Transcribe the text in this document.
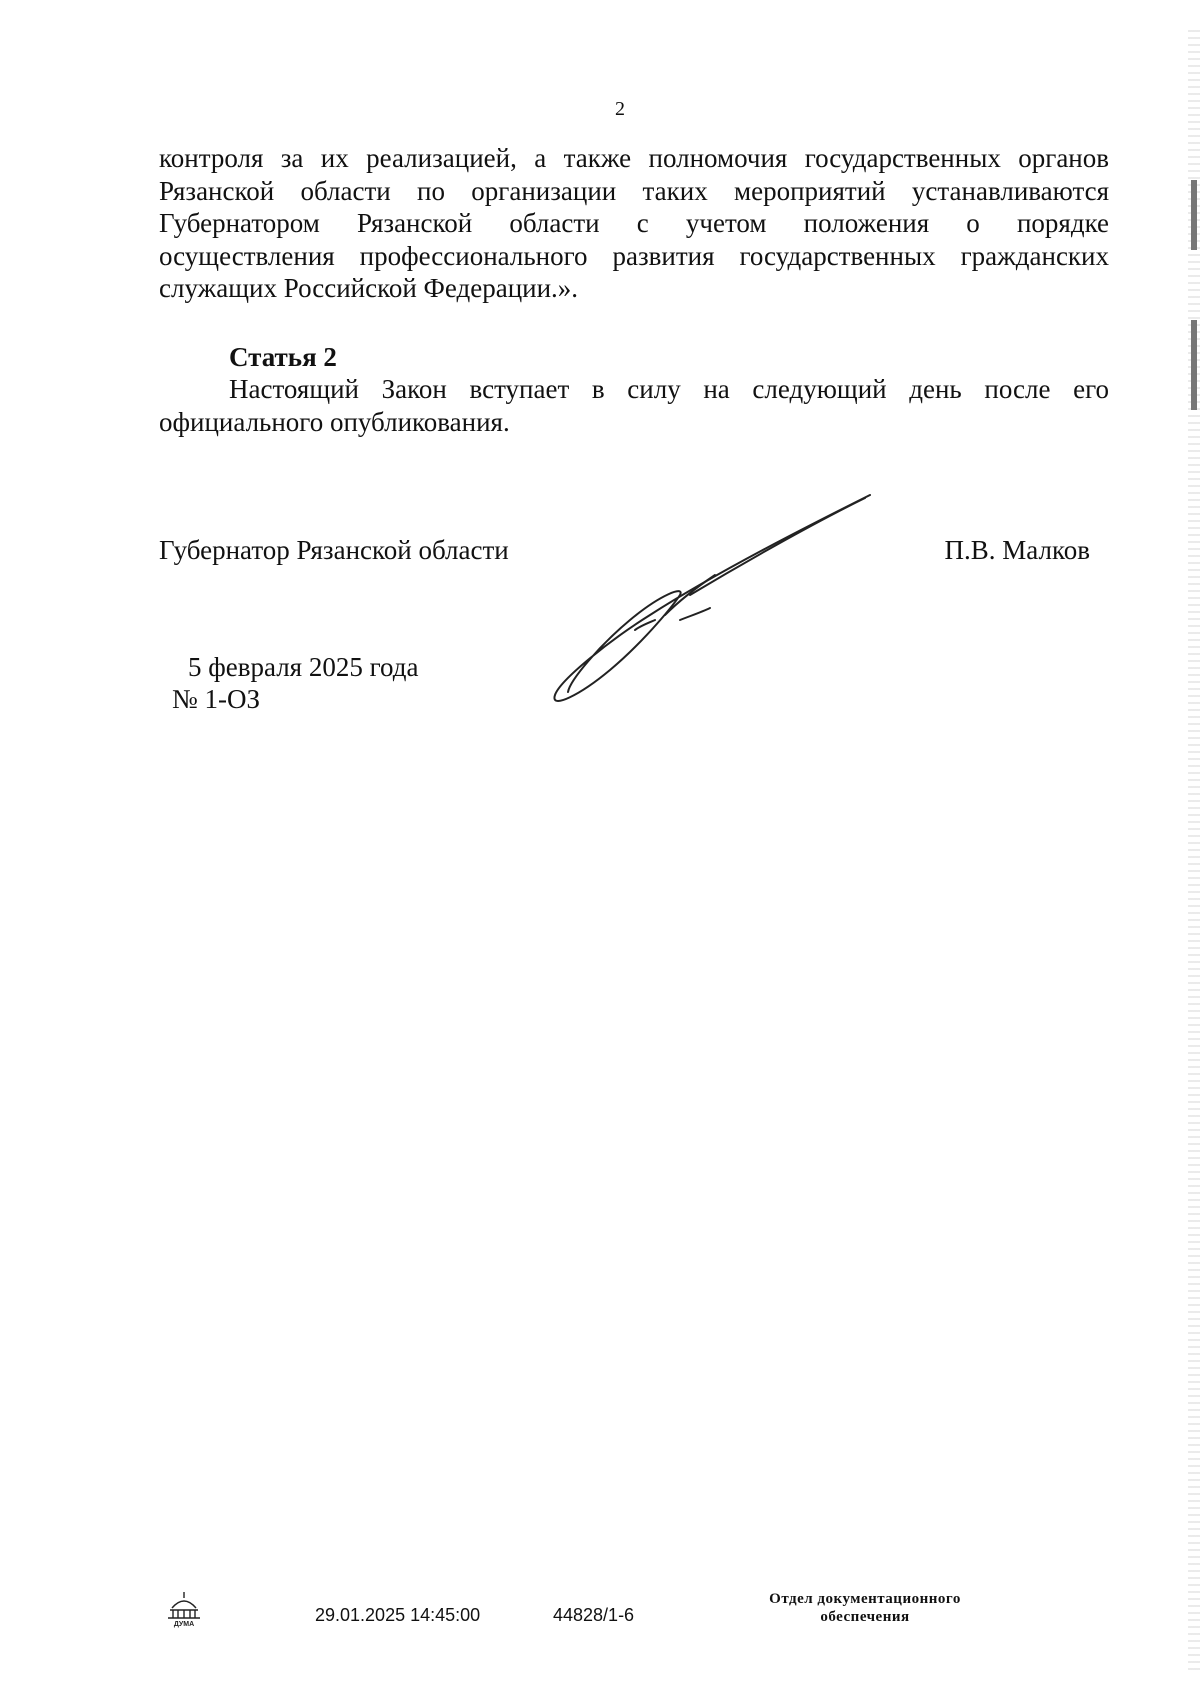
2
контроля за их реализацией, а также полномочия государственных органов
Рязанской области по организации таких мероприятий устанавливаются
Губернатором Рязанской области с учетом положения о порядке
осуществления профессионального развития государственных гражданских
служащих Российской Федерации.».
Статья 2
Настоящий Закон вступает в силу на следующий день после его
официального опубликования.
Губернатор Рязанской области	П.В. Малков
5 февраля 2025 года
№ 1-ОЗ
ДУМА	29.01.2025 14:45:00	44828/1-6
Отдел документационного
обеспечения
